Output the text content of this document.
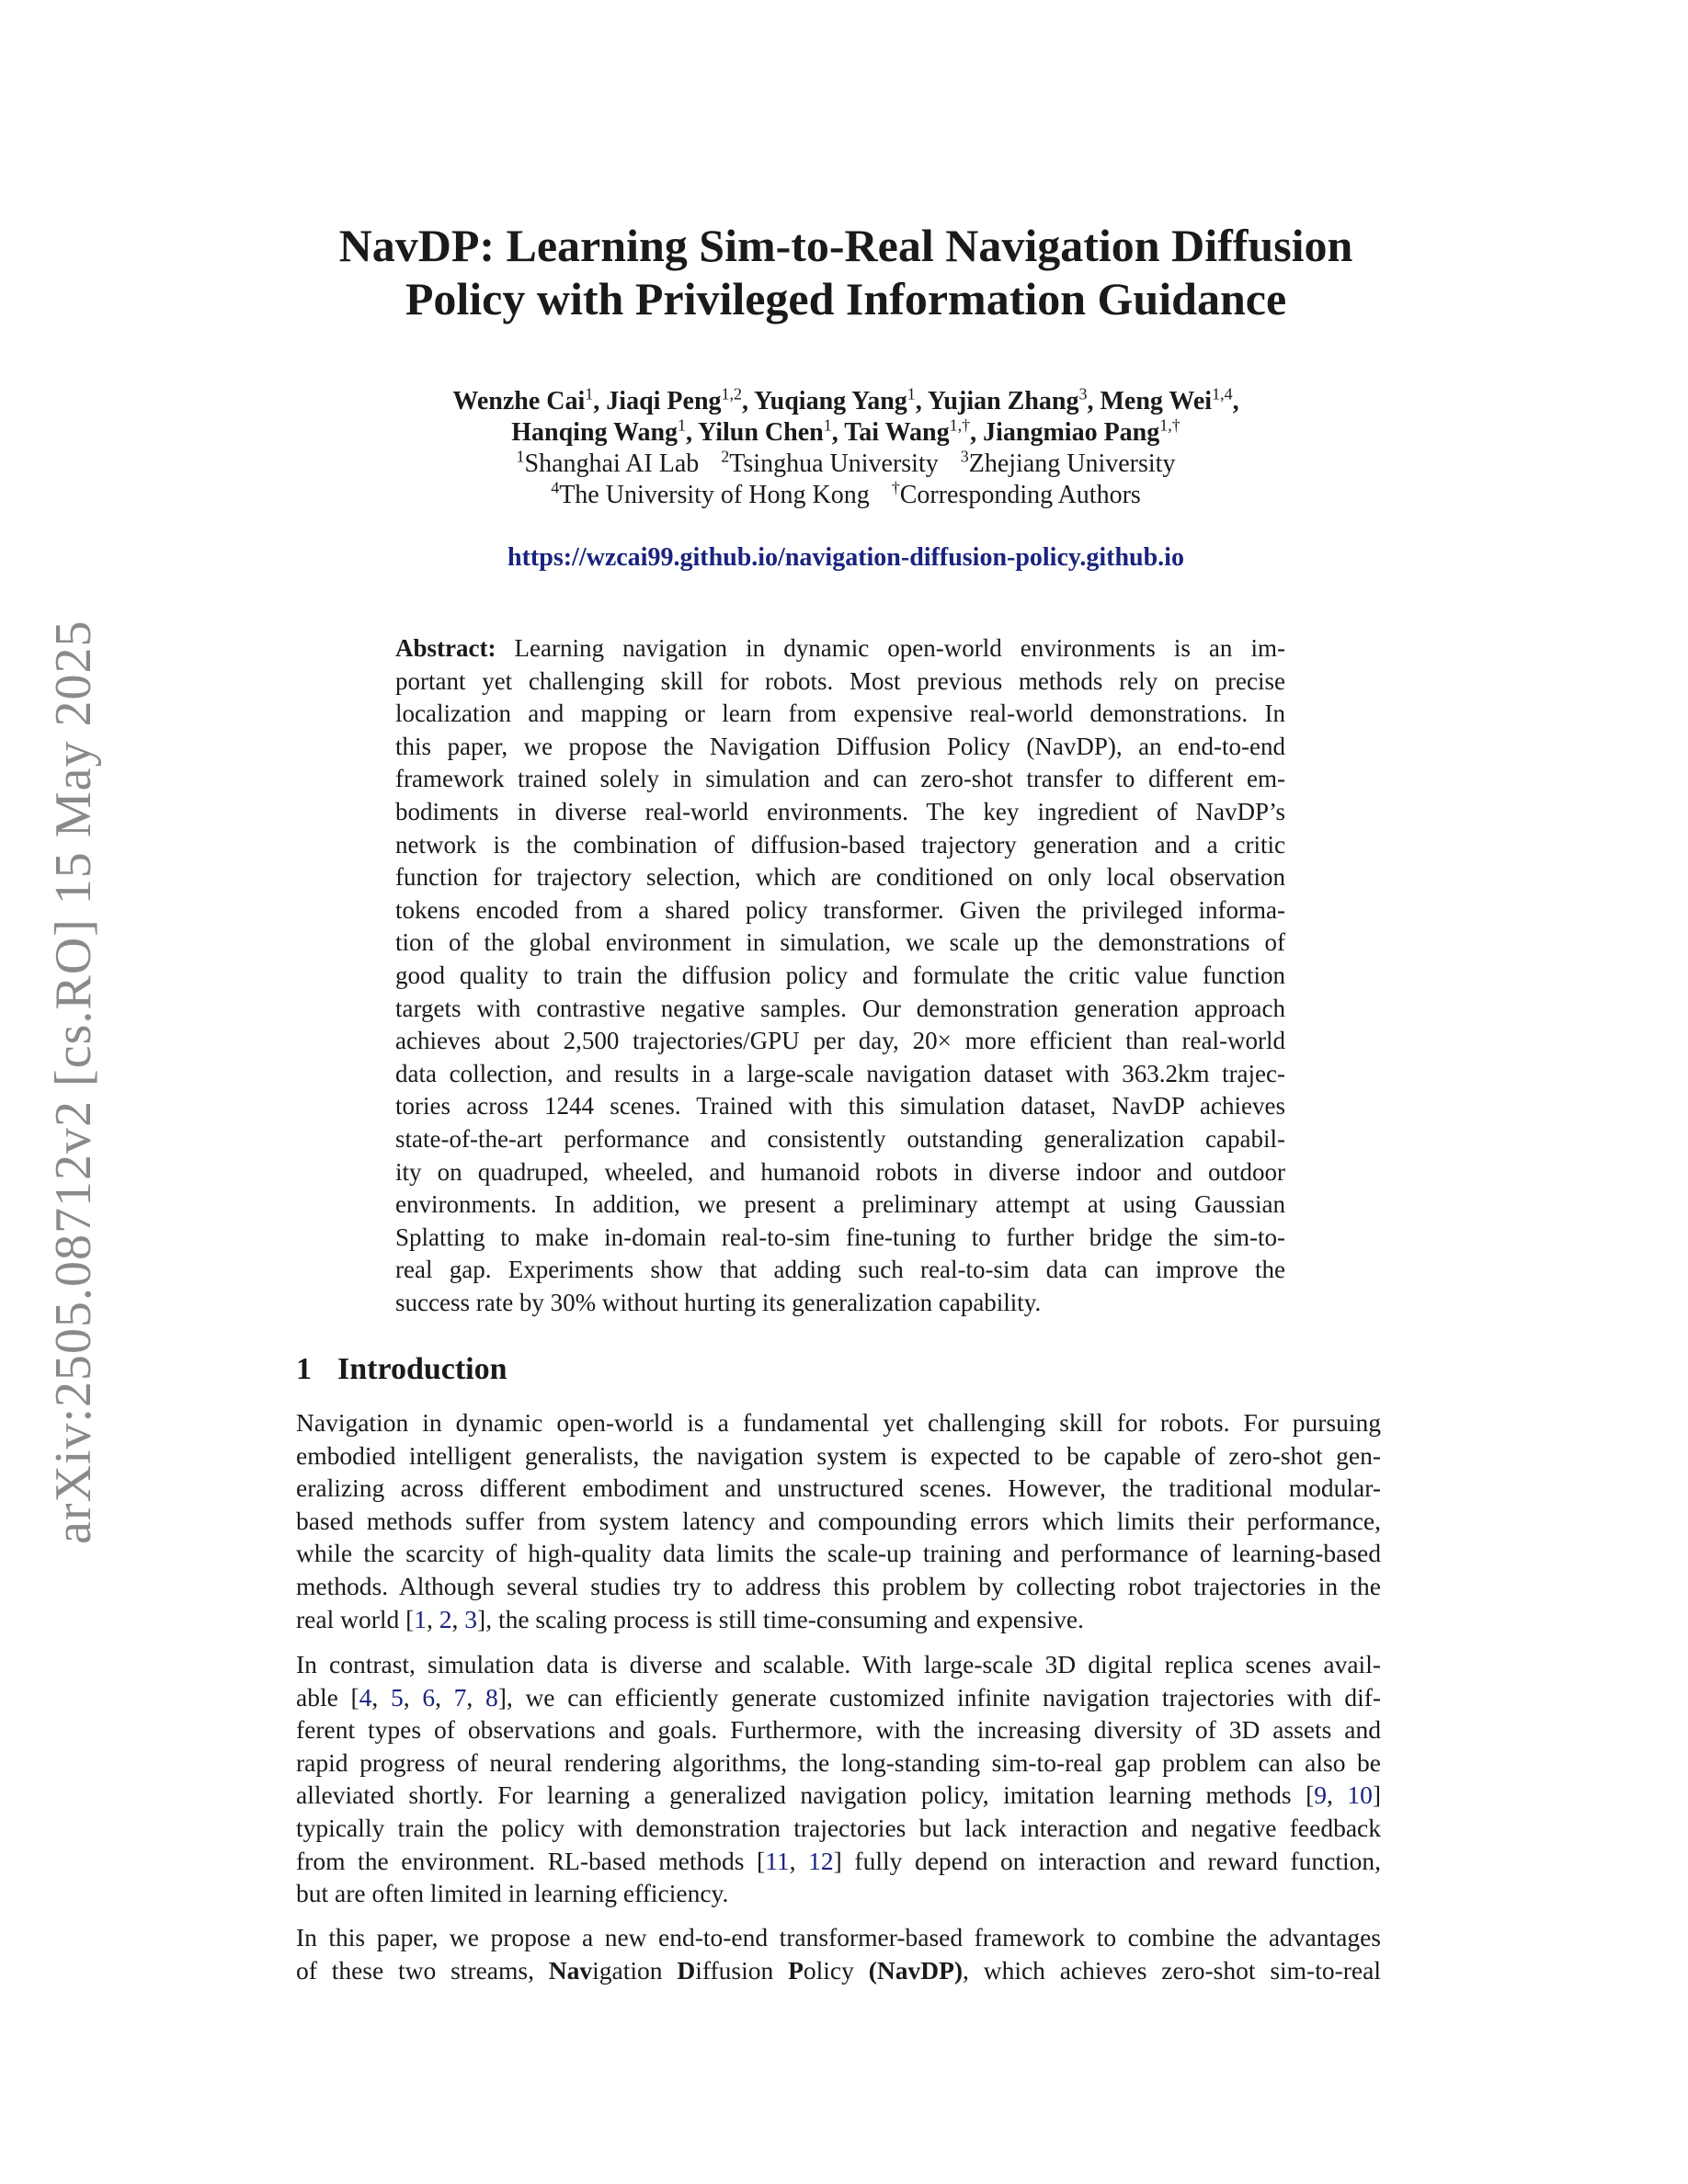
arXiv:2505.08712v2 [cs.RO] 15 May 2025
NavDP: Learning Sim-to-Real Navigation Diffusion
Policy with Privileged Information Guidance
Wenzhe Cai$^1$, Jiaqi Peng$^{1,2}$, Yuqiang Yang$^1$, Yujian Zhang$^3$, Meng Wei$^{1,4}$,
Hanqing Wang$^1$, Yilun Chen$^1$, Tai Wang$^{1,\dagger}$, Jiangmiao Pang$^{1,\dagger}$
$^1$Shanghai AI Lab $^2$Tsinghua University $^3$Zhejiang University
$^4$The University of Hong Kong †Corresponding Authors
https://wzcai99.github.io/navigation-diffusion-policy.github.io
Abstract: Learning navigation in dynamic open-world environments is an im-
portant yet challenging skill for robots. Most previous methods rely on precise
localization and mapping or learn from expensive real-world demonstrations. In
this paper, we propose the Navigation Diffusion Policy (NavDP), an end-to-end
framework trained solely in simulation and can zero-shot transfer to different em-
bodiments in diverse real-world environments. The key ingredient of NavDP’s
network is the combination of diffusion-based trajectory generation and a critic
function for trajectory selection, which are conditioned on only local observation
tokens encoded from a shared policy transformer. Given the privileged informa-
tion of the global environment in simulation, we scale up the demonstrations of
good quality to train the diffusion policy and formulate the critic value function
targets with contrastive negative samples. Our demonstration generation approach
achieves about 2,500 trajectories/GPU per day, 20× more efficient than real-world
data collection, and results in a large-scale navigation dataset with 363.2km trajec-
tories across 1244 scenes. Trained with this simulation dataset, NavDP achieves
state-of-the-art performance and consistently outstanding generalization capabil-
ity on quadruped, wheeled, and humanoid robots in diverse indoor and outdoor
environments. In addition, we present a preliminary attempt at using Gaussian
Splatting to make in-domain real-to-sim fine-tuning to further bridge the sim-to-
real gap. Experiments show that adding such real-to-sim data can improve the
success rate by 30% without hurting its generalization capability.
1 Introduction
Navigation in dynamic open-world is a fundamental yet challenging skill for robots. For pursuing
embodied intelligent generalists, the navigation system is expected to be capable of zero-shot gen-
eralizing across different embodiment and unstructured scenes. However, the traditional modular-
based methods suffer from system latency and compounding errors which limits their performance,
while the scarcity of high-quality data limits the scale-up training and performance of learning-based
methods. Although several studies try to address this problem by collecting robot trajectories in the
real world [1, 2, 3], the scaling process is still time-consuming and expensive.
In contrast, simulation data is diverse and scalable. With large-scale 3D digital replica scenes avail-
able [4, 5, 6, 7, 8], we can efficiently generate customized infinite navigation trajectories with dif-
ferent types of observations and goals. Furthermore, with the increasing diversity of 3D assets and
rapid progress of neural rendering algorithms, the long-standing sim-to-real gap problem can also be
alleviated shortly. For learning a generalized navigation policy, imitation learning methods [9, 10]
typically train the policy with demonstration trajectories but lack interaction and negative feedback
from the environment. RL-based methods [11, 12] fully depend on interaction and reward function,
but are often limited in learning efficiency.
In this paper, we propose a new end-to-end transformer-based framework to combine the advantages
of these two streams, Navigation Diffusion Policy (NavDP), which achieves zero-shot sim-to-real
